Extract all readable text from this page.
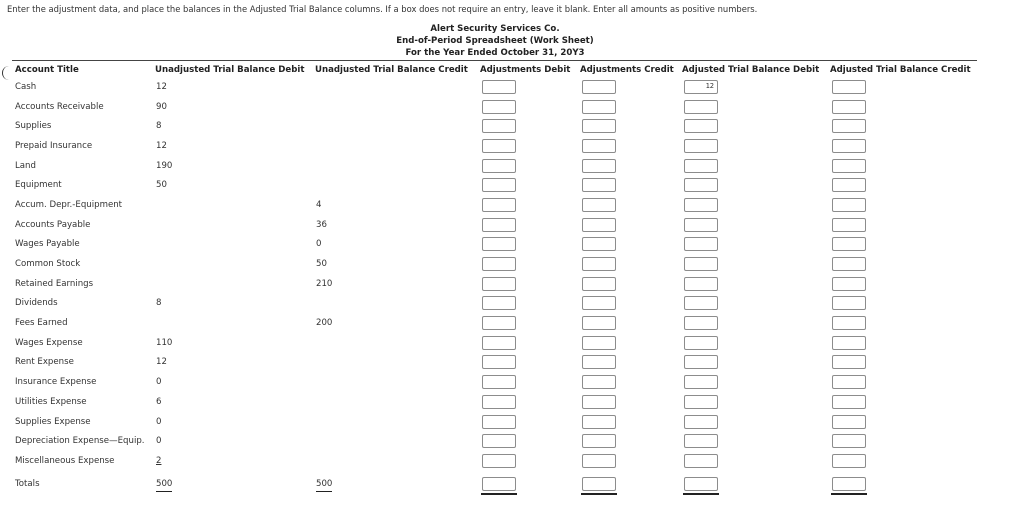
Enter the adjustment data, and place the balances in the Adjusted Trial Balance columns. If a box does not require an entry, leave it blank. Enter all amounts as positive numbers.
Alert Security Services Co.
End-of-Period Spreadsheet (Work Sheet)
For the Year Ended October 31, 20Y3
Account Title	Unadjusted Trial Balance Debit	Unadjusted Trial Balance Credit	Adjustments Debit	Adjustments Credit	Adjusted Trial Balance Debit	Adjusted Trial Balance Credit
Cash	12				12	
Accounts Receivable	90					
Supplies	8					
Prepaid Insurance	12					
Land	190					
Equipment	50					
Accum. Depr.-Equipment		4				
Accounts Payable		36				
Wages Payable		0				
Common Stock		50				
Retained Earnings		210				
Dividends	8					
Fees Earned		200				
Wages Expense	110					
Rent Expense	12					
Insurance Expense	0					
Utilities Expense	6					
Supplies Expense	0					
Depreciation Expense—Equip.	0					
Miscellaneous Expense	2					
Totals	500	500				
